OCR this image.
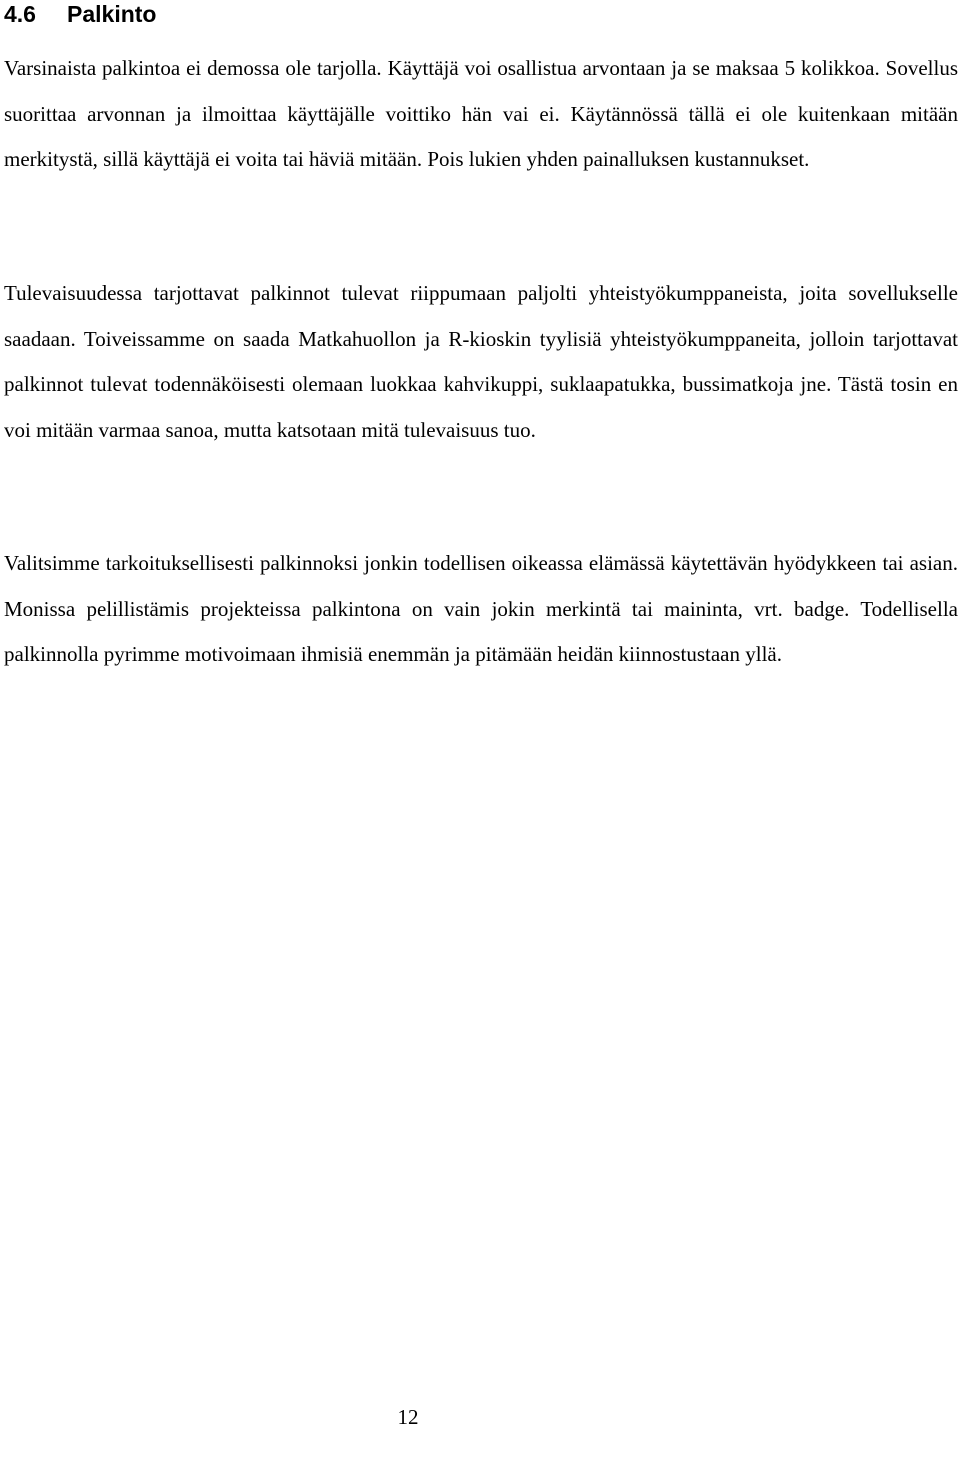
4.6 Palkinto

Varsinaista palkintoa ei demossa ole tarjolla. Käyttäjä voi osallistua arvontaan ja se maksaa 5 kolikkoa. Sovellus suorittaa arvonnan ja ilmoittaa käyttäjälle voittiko hän vai ei. Käytännössä tällä ei ole kuitenkaan mitään merkitystä, sillä käyttäjä ei voita tai häviä mitään. Pois lukien yhden painalluksen kustannukset.

Tulevaisuudessa tarjottavat palkinnot tulevat riippumaan paljolti yhteistyökumppaneista, joita sovellukselle saadaan. Toiveissamme on saada Matkahuollon ja R-kioskin tyylisiä yhteistyökumppaneita, jolloin tarjottavat palkinnot tulevat todennäköisesti olemaan luokkaa kahvikuppi, suklaapatukka, bussimatkoja jne. Tästä tosin en voi mitään varmaa sanoa, mutta katsotaan mitä tulevaisuus tuo.

Valitsimme tarkoituksellisesti palkinnoksi jonkin todellisen oikeassa elämässä käytettävän hyödykkeen tai asian. Monissa pelillistämis projekteissa palkintona on vain jokin merkintä tai maininta, vrt. badge. Todellisella palkinnolla pyrimme motivoimaan ihmisiä enemmän ja pitämään heidän kiinnostustaan yllä.

12
